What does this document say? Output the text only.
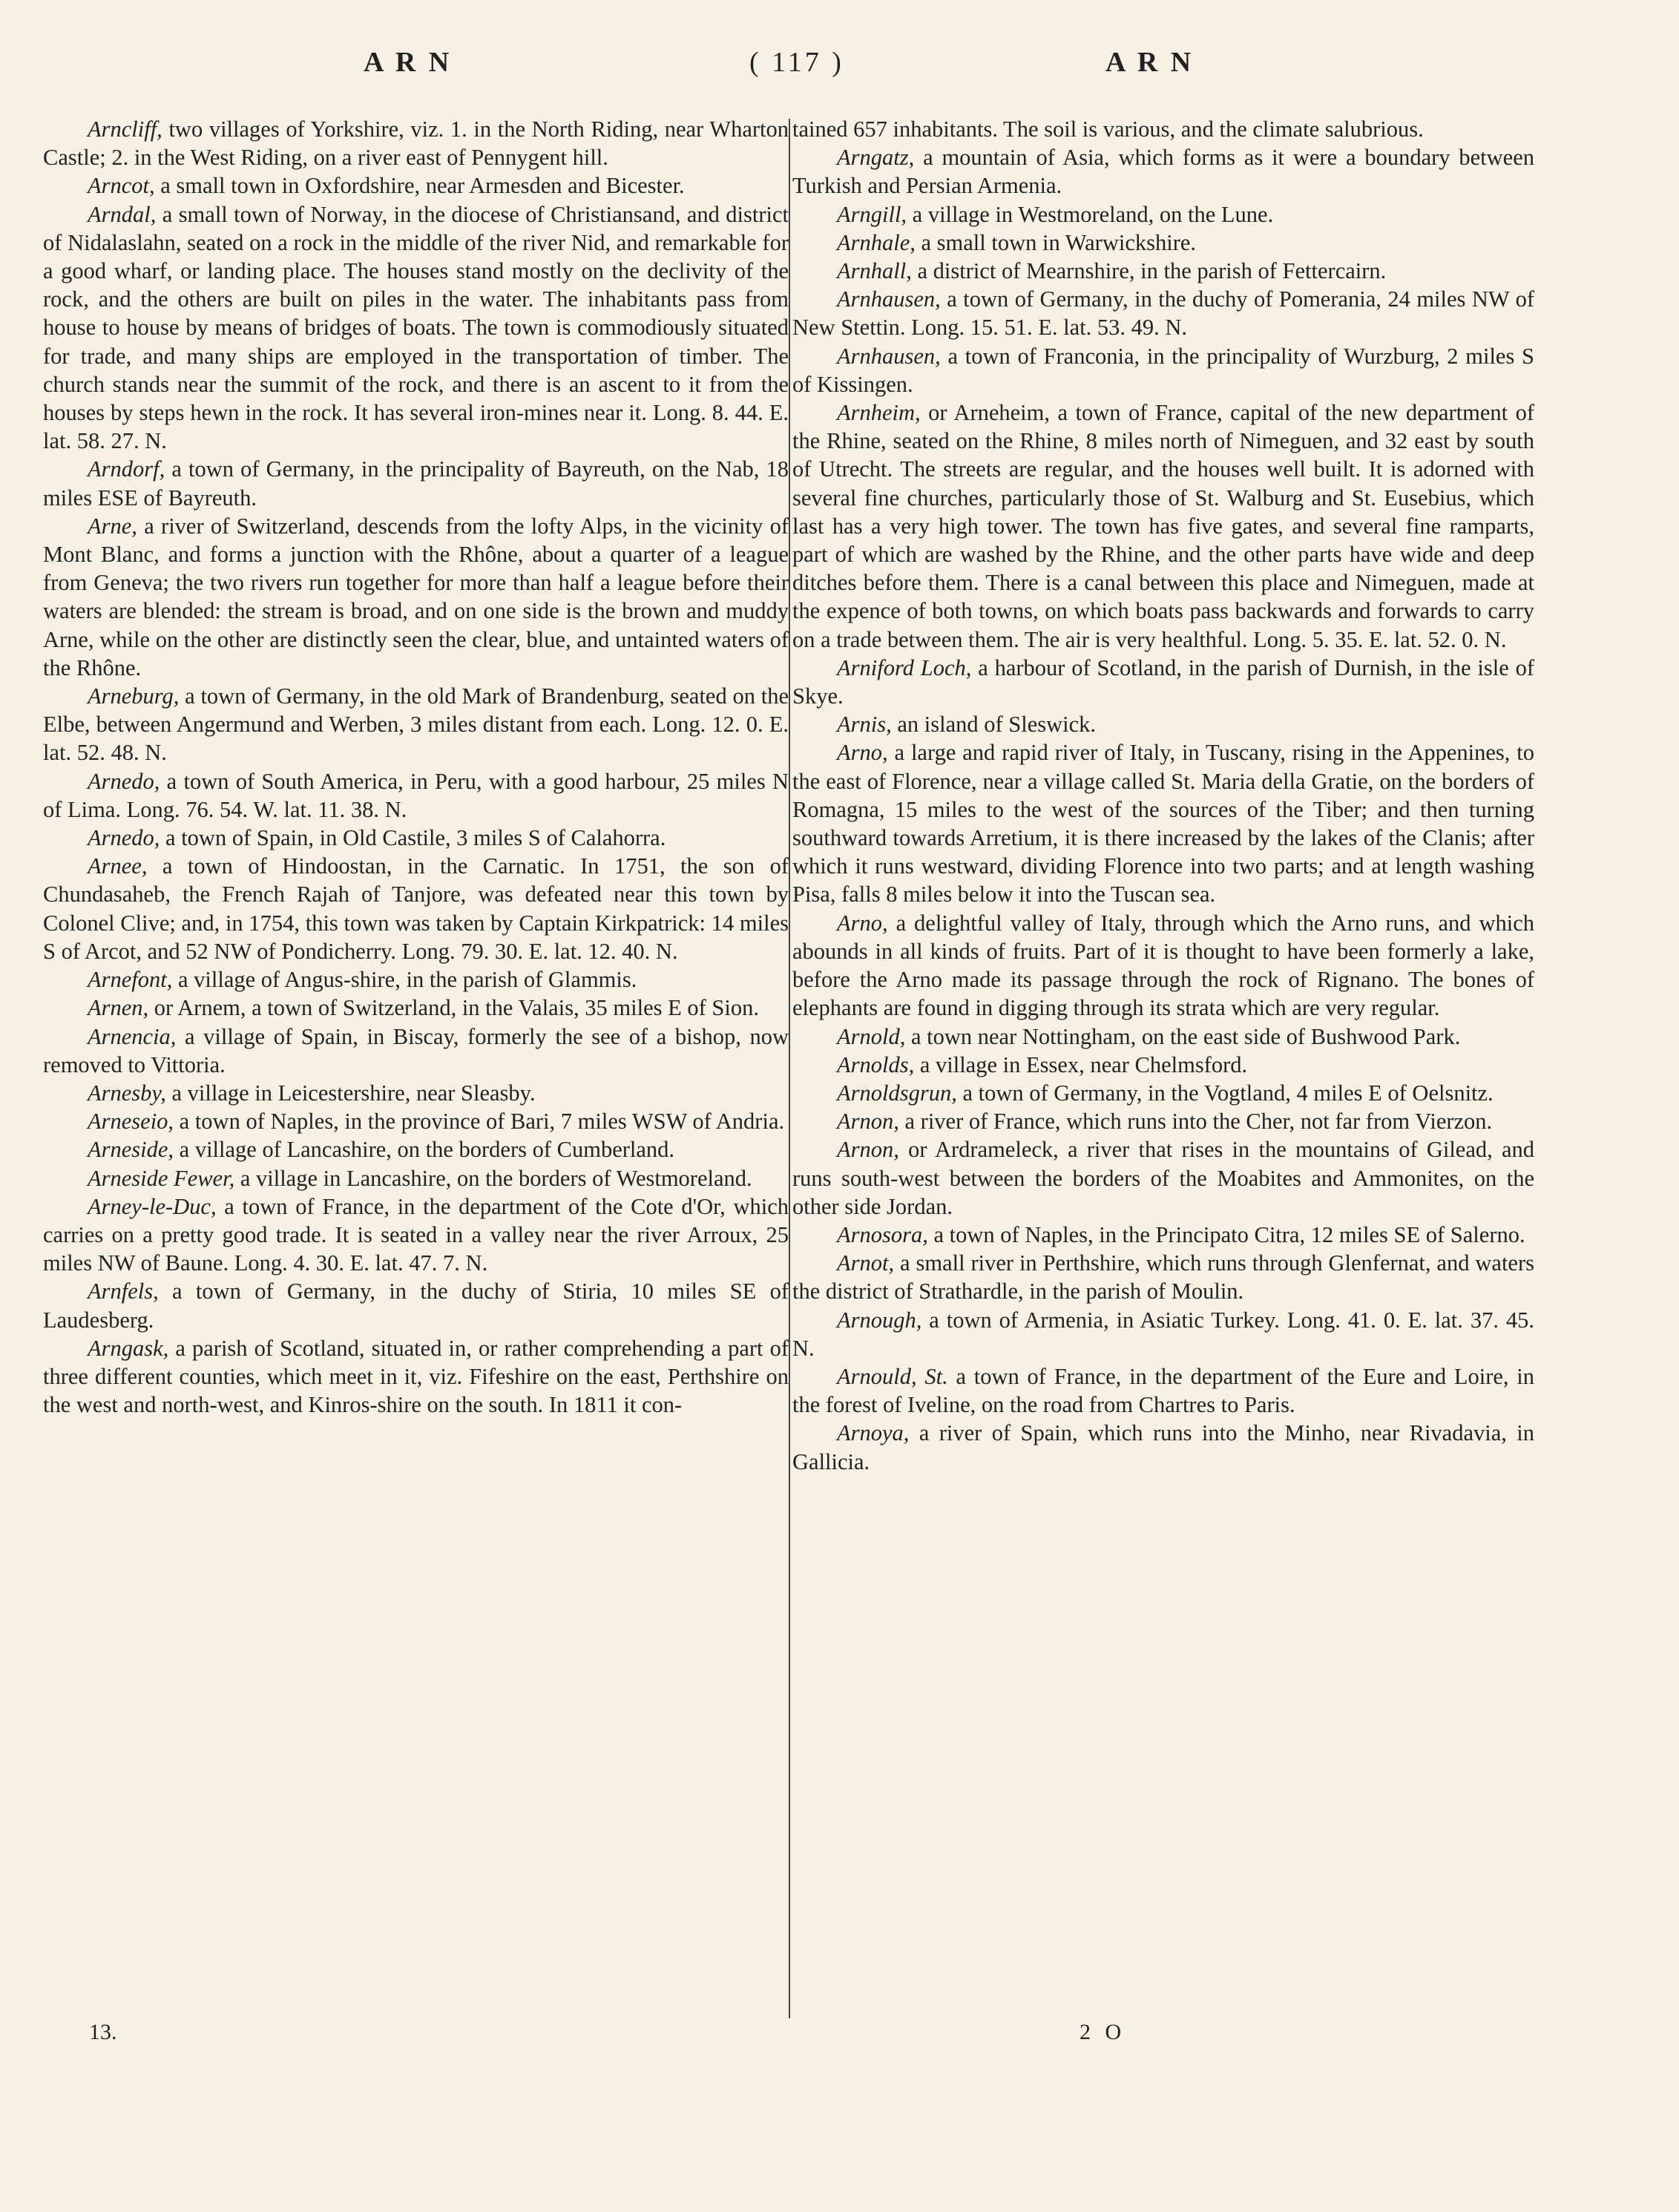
A R N	( 117 )	A R N

Arncliff, two villages of Yorkshire, viz. 1. in the North Riding, near Wharton Castle; 2. in the West Riding, on a river east of Pennygent hill.

Arncot, a small town in Oxfordshire, near Armesden and Bicester.

Arndal, a small town of Norway, in the diocese of Christiansand, and district of Nidalaslahn, seated on a rock in the middle of the river Nid, and remarkable for a good wharf, or landing place. The houses stand mostly on the declivity of the rock, and the others are built on piles in the water. The inhabitants pass from house to house by means of bridges of boats. The town is commodiously situated for trade, and many ships are employed in the transportation of timber. The church stands near the summit of the rock, and there is an ascent to it from the houses by steps hewn in the rock. It has several iron-mines near it. Long. 8. 44. E. lat. 58. 27. N.

Arndorf, a town of Germany, in the principality of Bayreuth, on the Nab, 18 miles ESE of Bayreuth.

Arne, a river of Switzerland, descends from the lofty Alps, in the vicinity of Mont Blanc, and forms a junction with the Rhône, about a quarter of a league from Geneva; the two rivers run together for more than half a league before their waters are blended: the stream is broad, and on one side is the brown and muddy Arne, while on the other are distinctly seen the clear, blue, and untainted waters of the Rhône.

Arneburg, a town of Germany, in the old Mark of Brandenburg, seated on the Elbe, between Angermund and Werben, 3 miles distant from each. Long. 12. 0. E. lat. 52. 48. N.

Arnedo, a town of South America, in Peru, with a good harbour, 25 miles N of Lima. Long. 76. 54. W. lat. 11. 38. N.

Arnedo, a town of Spain, in Old Castile, 3 miles S of Calahorra.

Arnee, a town of Hindoostan, in the Carnatic. In 1751, the son of Chundasaheb, the French Rajah of Tanjore, was defeated near this town by Colonel Clive; and, in 1754, this town was taken by Captain Kirkpatrick: 14 miles S of Arcot, and 52 NW of Pondicherry. Long. 79. 30. E. lat. 12. 40. N.

Arnefont, a village of Angus-shire, in the parish of Glammis.

Arnen, or Arnem, a town of Switzerland, in the Valais, 35 miles E of Sion.

Arnencia, a village of Spain, in Biscay, formerly the see of a bishop, now removed to Vittoria.

Arnesby, a village in Leicestershire, near Sleasby.

Arneseio, a town of Naples, in the province of Bari, 7 miles WSW of Andria.

Arneside, a village of Lancashire, on the borders of Cumberland.

Arneside Fewer, a village in Lancashire, on the borders of Westmoreland.

Arney-le-Duc, a town of France, in the department of the Cote d'Or, which carries on a pretty good trade. It is seated in a valley near the river Arroux, 25 miles NW of Baune. Long. 4. 30. E. lat. 47. 7. N.

Arnfels, a town of Germany, in the duchy of Stiria, 10 miles SE of Laudesberg.

Arngask, a parish of Scotland, situated in, or rather comprehending a part of three different counties, which meet in it, viz. Fifeshire on the east, Perthshire on the west and north-west, and Kinros-shire on the south. In 1811 it con-

tained 657 inhabitants. The soil is various, and the climate salubrious.

Arngatz, a mountain of Asia, which forms as it were a boundary between Turkish and Persian Armenia.

Arngill, a village in Westmoreland, on the Lune.

Arnhale, a small town in Warwickshire.

Arnhall, a district of Mearnshire, in the parish of Fettercairn.

Arnhausen, a town of Germany, in the duchy of Pomerania, 24 miles NW of New Stettin. Long. 15. 51. E. lat. 53. 49. N.

Arnhausen, a town of Franconia, in the principality of Wurzburg, 2 miles S of Kissingen.

Arnheim, or Arneheim, a town of France, capital of the new department of the Rhine, seated on the Rhine, 8 miles north of Nimeguen, and 32 east by south of Utrecht. The streets are regular, and the houses well built. It is adorned with several fine churches, particularly those of St. Walburg and St. Eusebius, which last has a very high tower. The town has five gates, and several fine ramparts, part of which are washed by the Rhine, and the other parts have wide and deep ditches before them. There is a canal between this place and Nimeguen, made at the expence of both towns, on which boats pass backwards and forwards to carry on a trade between them. The air is very healthful. Long. 5. 35. E. lat. 52. 0. N.

Arniford Loch, a harbour of Scotland, in the parish of Durnish, in the isle of Skye.

Arnis, an island of Sleswick.

Arno, a large and rapid river of Italy, in Tuscany, rising in the Appenines, to the east of Florence, near a village called St. Maria della Gratie, on the borders of Romagna, 15 miles to the west of the sources of the Tiber; and then turning southward towards Arretium, it is there increased by the lakes of the Clanis; after which it runs westward, dividing Florence into two parts; and at length washing Pisa, falls 8 miles below it into the Tuscan sea.

Arno, a delightful valley of Italy, through which the Arno runs, and which abounds in all kinds of fruits. Part of it is thought to have been formerly a lake, before the Arno made its passage through the rock of Rignano. The bones of elephants are found in digging through its strata which are very regular.

Arnold, a town near Nottingham, on the east side of Bushwood Park.

Arnolds, a village in Essex, near Chelmsford.

Arnoldsgrun, a town of Germany, in the Vogtland, 4 miles E of Oelsnitz.

Arnon, a river of France, which runs into the Cher, not far from Vierzon.

Arnon, or Ardrameleck, a river that rises in the mountains of Gilead, and runs south-west between the borders of the Moabites and Ammonites, on the other side Jordan.

Arnosora, a town of Naples, in the Principato Citra, 12 miles SE of Salerno.

Arnot, a small river in Perthshire, which runs through Glenfernat, and waters the district of Strathardle, in the parish of Moulin.

Arnough, a town of Armenia, in Asiatic Turkey. Long. 41. 0. E. lat. 37. 45. N.

Arnould, St. a town of France, in the department of the Eure and Loire, in the forest of Iveline, on the road from Chartres to Paris.

Arnoya, a river of Spain, which runs into the Minho, near Rivadavia, in Gallicia.

13.	2 O
